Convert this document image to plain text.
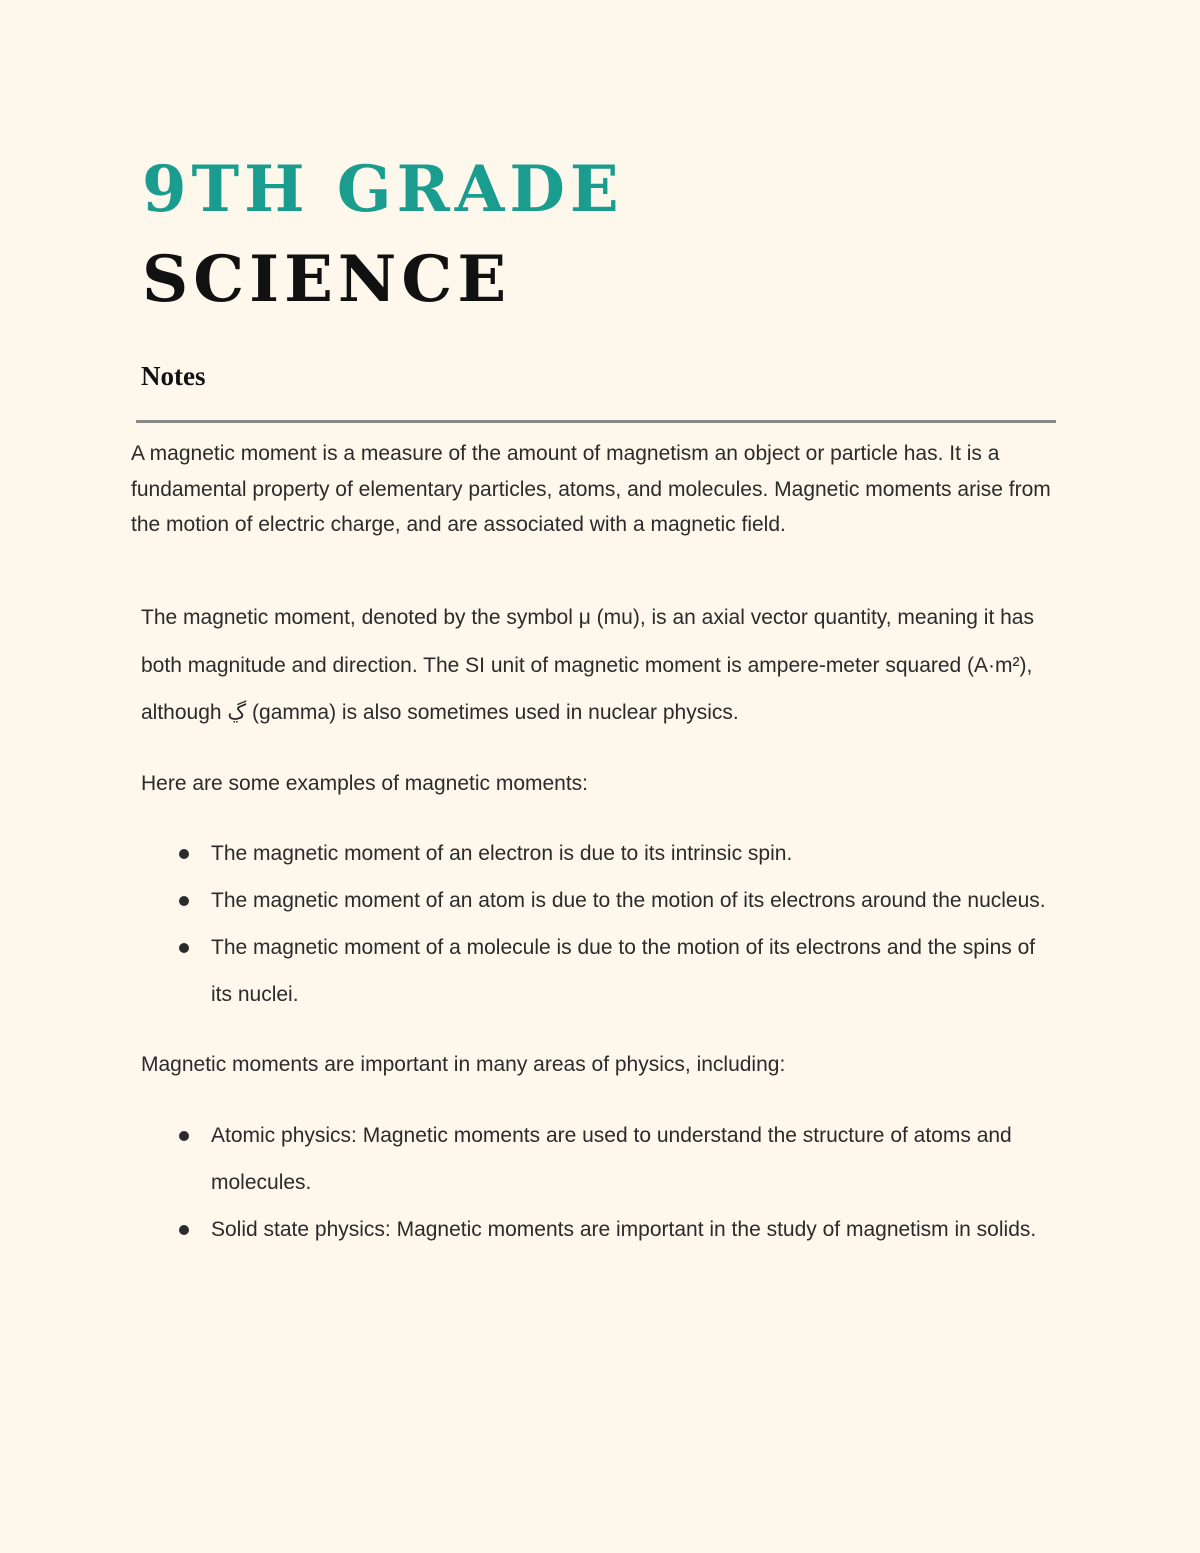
9TH GRADE
SCIENCE
Notes

A magnetic moment is a measure of the amount of magnetism an object or particle has. It is a fundamental property of elementary particles, atoms, and molecules. Magnetic moments arise from the motion of electric charge, and are associated with a magnetic field.

The magnetic moment, denoted by the symbol μ (mu), is an axial vector quantity, meaning it has both magnitude and direction. The SI unit of magnetic moment is ampere-meter squared (A·m²), although ڲ (gamma) is also sometimes used in nuclear physics.

Here are some examples of magnetic moments:

The magnetic moment of an electron is due to its intrinsic spin.
The magnetic moment of an atom is due to the motion of its electrons around the nucleus.
The magnetic moment of a molecule is due to the motion of its electrons and the spins of its nuclei.

Magnetic moments are important in many areas of physics, including:

Atomic physics: Magnetic moments are used to understand the structure of atoms and molecules.
Solid state physics: Magnetic moments are important in the study of magnetism in solids.
